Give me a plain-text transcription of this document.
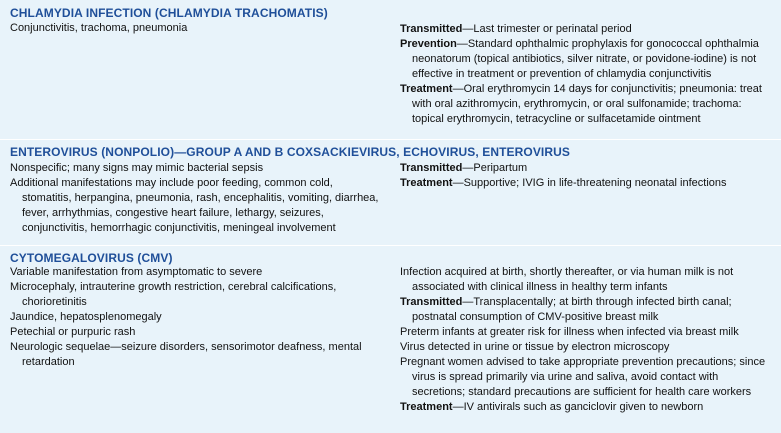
CHLAMYDIA INFECTION (CHLAMYDIA TRACHOMATIS)

Conjunctivitis, trachoma, pneumonia	Transmitted—Last trimester or perinatal period

Prevention—Standard ophthalmic prophylaxis for gonococcal ophthalmia neonatorum (topical antibiotics, silver nitrate, or povidone-iodine) is not effective in treatment or prevention of chlamydia conjunctivitis

Treatment—Oral erythromycin 14 days for conjunctivitis; pneumonia: treat with oral azithromycin, erythromycin, or oral sulfonamide; trachoma: topical erythromycin, tetracycline or sulfacetamide ointment

ENTEROVIRUS (NONPOLIO)—GROUP A AND B COXSACKIEVIRUS, ECHOVIRUS, ENTEROVIRUS

Nonspecific; many signs may mimic bacterial sepsis

Additional manifestations may include poor feeding, common cold, stomatitis, herpangina, pneumonia, rash, encephalitis, vomiting, diarrhea, fever, arrhythmias, congestive heart failure, lethargy, seizures, conjunctivitis, hemorrhagic conjunctivitis, meningeal involvement

Transmitted—Peripartum

Treatment—Supportive; IVIG in life-threatening neonatal infections

CYTOMEGALOVIRUS (CMV)

Variable manifestation from asymptomatic to severe

Microcephaly, intrauterine growth restriction, cerebral calcifications, chorioretinitis

Jaundice, hepatosplenomegaly

Petechial or purpuric rash

Neurologic sequelae—seizure disorders, sensorimotor deafness, mental retardation

Infection acquired at birth, shortly thereafter, or via human milk is not associated with clinical illness in healthy term infants

Transmitted—Transplacentally; at birth through infected birth canal; postnatal consumption of CMV-positive breast milk

Preterm infants at greater risk for illness when infected via breast milk

Virus detected in urine or tissue by electron microscopy

Pregnant women advised to take appropriate prevention precautions; since virus is spread primarily via urine and saliva, avoid contact with secretions; standard precautions are sufficient for health care workers

Treatment—IV antivirals such as ganciclovir given to newborn
